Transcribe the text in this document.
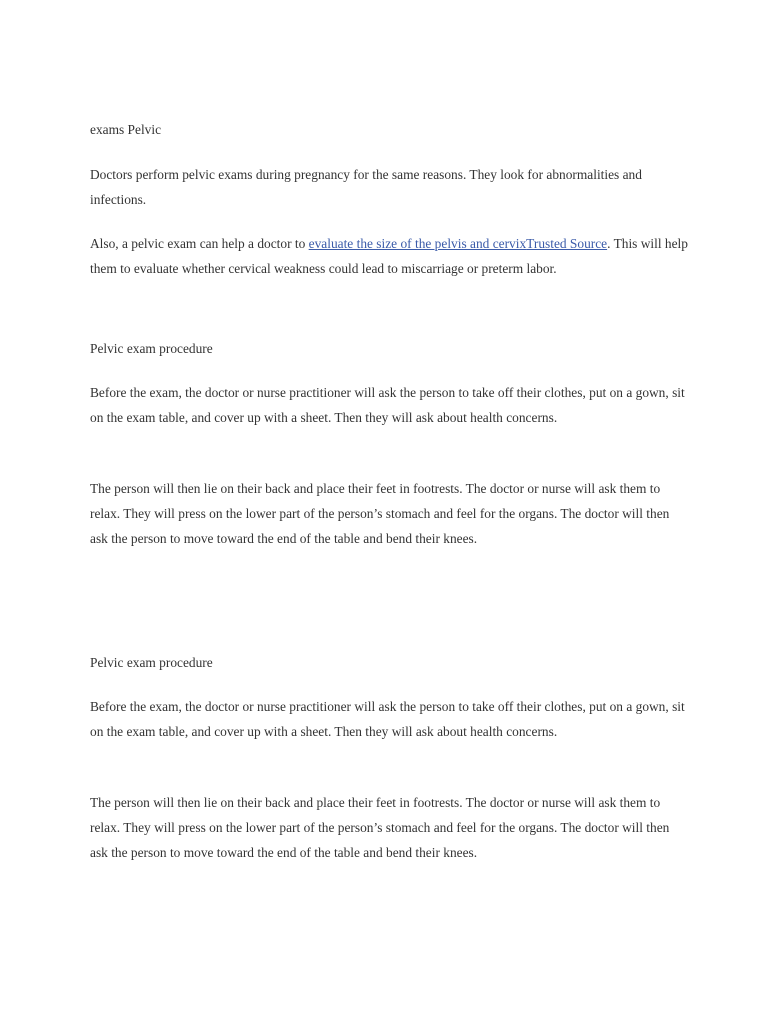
exams Pelvic

Doctors perform pelvic exams during pregnancy for the same reasons. They look for abnormalities and infections.

Also, a pelvic exam can help a doctor to evaluate the size of the pelvis and cervixTrusted Source. This will help them to evaluate whether cervical weakness could lead to miscarriage or preterm labor.

Pelvic exam procedure

Before the exam, the doctor or nurse practitioner will ask the person to take off their clothes, put on a gown, sit on the exam table, and cover up with a sheet. Then they will ask about health concerns.

The person will then lie on their back and place their feet in footrests. The doctor or nurse will ask them to relax. They will press on the lower part of the person’s stomach and feel for the organs. The doctor will then ask the person to move toward the end of the table and bend their knees.

Pelvic exam procedure

Before the exam, the doctor or nurse practitioner will ask the person to take off their clothes, put on a gown, sit on the exam table, and cover up with a sheet. Then they will ask about health concerns.

The person will then lie on their back and place their feet in footrests. The doctor or nurse will ask them to relax. They will press on the lower part of the person’s stomach and feel for the organs. The doctor will then ask the person to move toward the end of the table and bend their knees.
